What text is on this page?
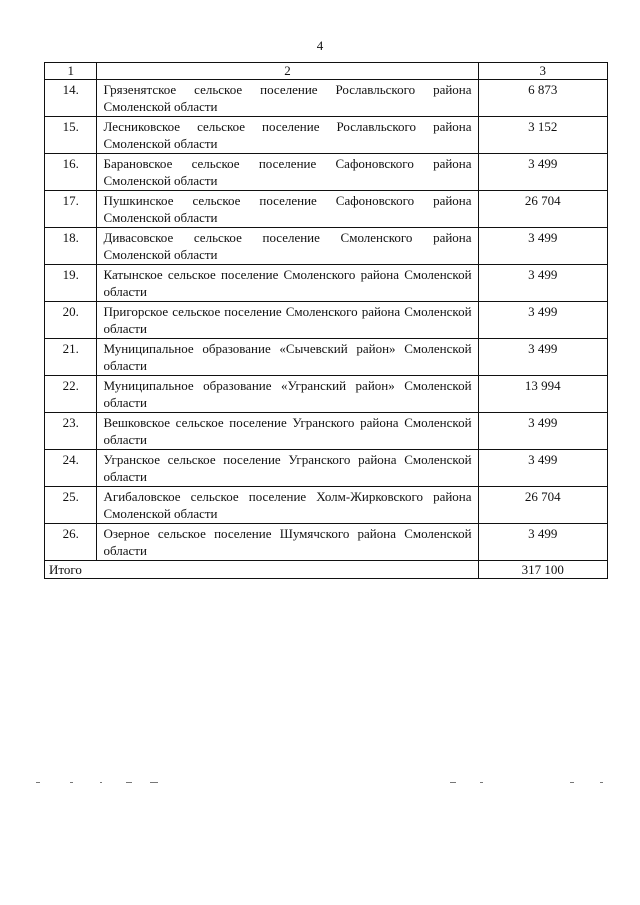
4
1	2	3
14.	Грязенятское сельское поселение Рославльского района Смоленской области	6 873
15.	Лесниковское сельское поселение Рославльского района Смоленской области	3 152
16.	Барановское сельское поселение Сафоновского района Смоленской области	3 499
17.	Пушкинское сельское поселение Сафоновского района Смоленской области	26 704
18.	Дивасовское сельское поселение Смоленского района Смоленской области	3 499
19.	Катынское сельское поселение Смоленского района Смоленской области	3 499
20.	Пригорское сельское поселение Смоленского района Смоленской области	3 499
21.	Муниципальное образование «Сычевский район» Смоленской области	3 499
22.	Муниципальное образование «Угранский район» Смоленской области	13 994
23.	Вешковское сельское поселение Угранского района Смоленской области	3 499
24.	Угранское сельское поселение Угранского района Смоленской области	3 499
25.	Агибаловское сельское поселение Холм-Жирковского района Смоленской области	26 704
26.	Озерное сельское поселение Шумячского района Смоленской области	3 499
Итого		317 100
